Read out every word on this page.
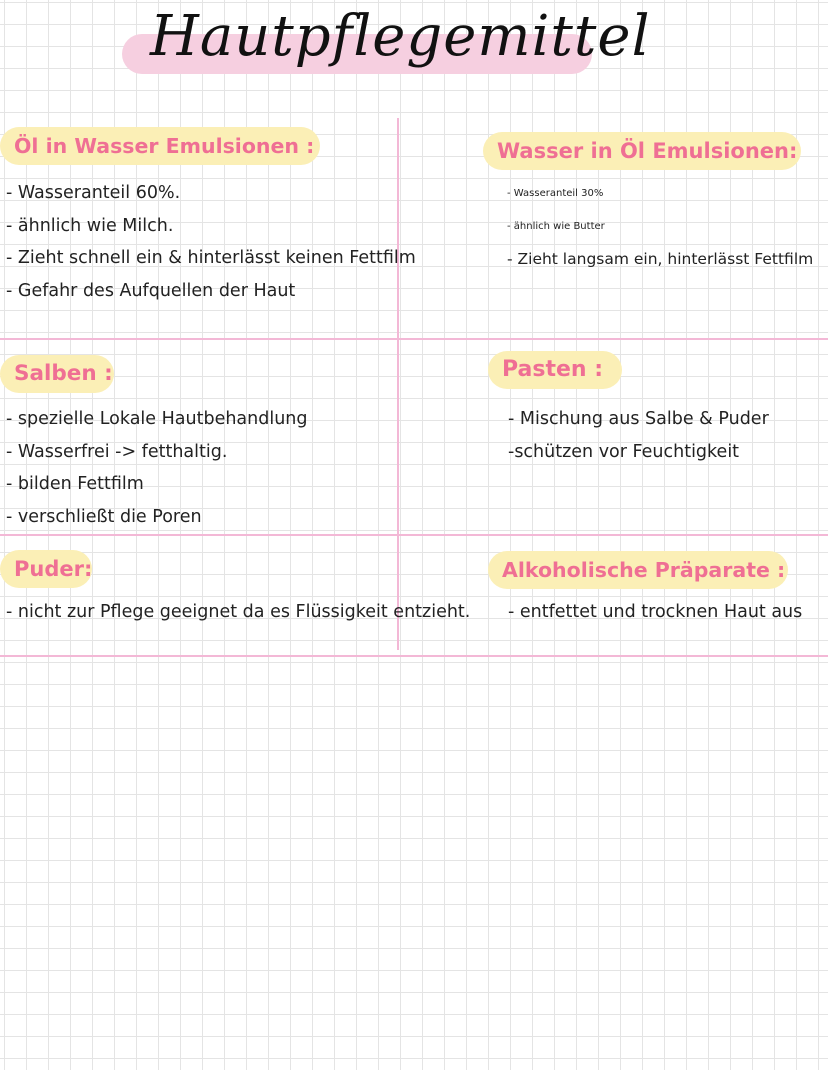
Hautpflegemittel
Öl in Wasser Emulsionen :
- Wasseranteil 60%.
- ähnlich wie Milch.
- Zieht schnell ein & hinterlässt keinen Fettfilm
- Gefahr des Aufquellen der Haut
Wasser in Öl Emulsionen:
- Wasseranteil 30%
- ähnlich wie Butter
- Zieht langsam ein, hinterlässt Fettfilm
Salben :
- spezielle Lokale Hautbehandlung
- Wasserfrei -> fetthaltig.
- bilden Fettfilm
- verschließt die Poren
Pasten :
- Mischung aus Salbe & Puder
-schützen vor Feuchtigkeit
Puder:
- nicht zur Pflege geeignet da es Flüssigkeit entzieht.
Alkoholische Präparate :
- entfettet und trocknen Haut aus
